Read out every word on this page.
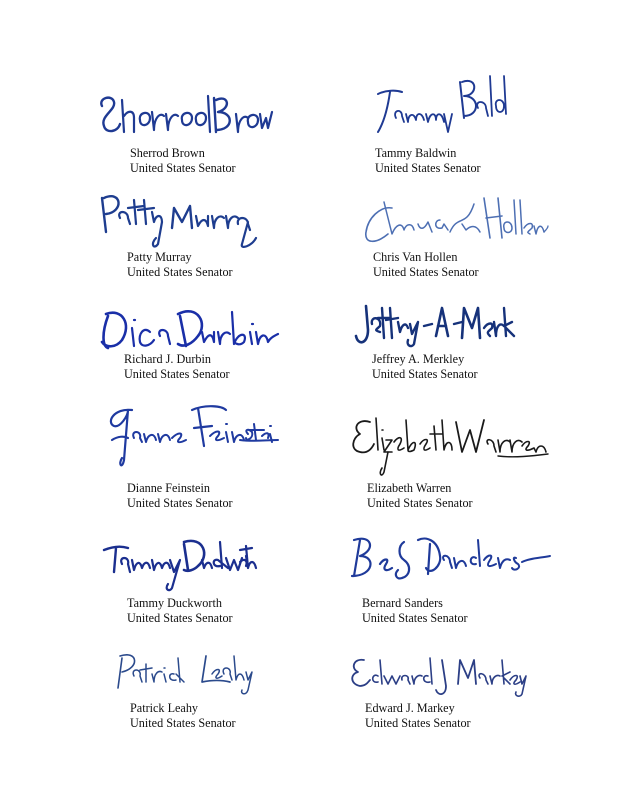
Sherrod Brown
United States Senator
Tammy Baldwin
United States Senator
Patty Murray
United States Senator
Chris Van Hollen
United States Senator
Richard J. Durbin
United States Senator
Jeffrey A. Merkley
United States Senator
Dianne Feinstein
United States Senator
Elizabeth Warren
United States Senator
Tammy Duckworth
United States Senator
Bernard Sanders
United States Senator
Patrick Leahy
United States Senator
Edward J. Markey
United States Senator
